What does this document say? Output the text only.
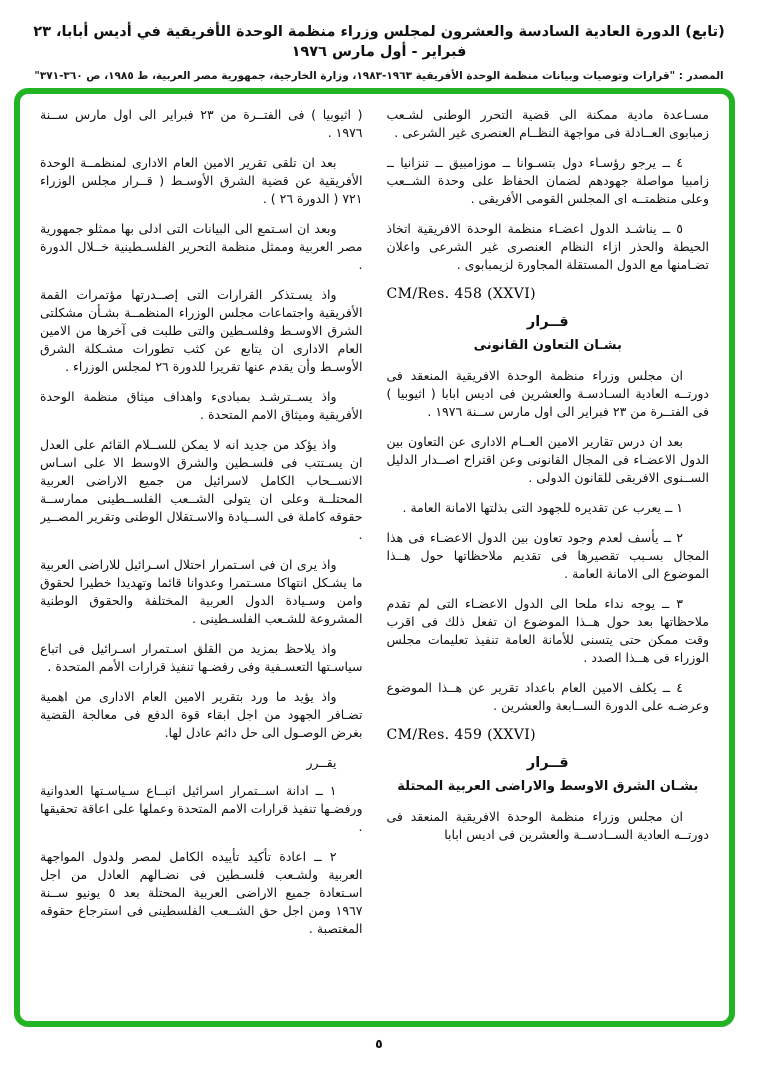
(تابع) الدورة العادية السادسة والعشرون لمجلس وزراء منظمة الوحدة الأفريقية في أديس أبابا، ٢٣ فبراير - أول مارس ١٩٧٦
المصدر : "قرارات وتوصيات وبيانات منظمة الوحدة الأفريقية ١٩٦٣-١٩٨٣، وزارة الخارجية، جمهورية مصر العربية، ط ١٩٨٥، ص ٣٦٠-٣٧١"

مسـاعدة مادية ممكنة الى قضية التحرر الوطنى لشـعب زمبابوى العــادلة فى مواجهة النظــام العنصرى غير الشرعى .

٤ ــ يرجو رؤسـاء دول بتسـوانا ــ موزامبيق ــ تنزانيا ــ زامبيا مواصلة جهودهم لضمان الحفاظ على وحدة الشــعب وعلى منظمتــه اى المجلس القومى الأفريقى .

٥ ــ يناشـد الدول اعضـاء منظمة الوحدة الافريقية اتخاذ الحيطة والحذر ازاء النظام العنصرى غير الشرعى واعلان تضـامنها مع الدول المستقلة المجاورة لزيمبابوى .

CM/Res. 458 (XXVI)

قــرار

بشـان التعاون القانونى

ان مجلس وزراء منظمة الوحدة الافريقية المنعقد فى دورتــه العادية السـادسـة والعشرين فى اديس ابابا ( اثيوبيا ) فى الفتــرة من ٢٣ فبراير الى اول مارس ســنة ١٩٧٦ .

بعد ان درس تقارير الامين العــام الادارى عن التعاون بين الدول الاعضـاء فى المجال القانونى وعن اقتراح اصــدار الدليل الســنوى الافريقى للقانون الدولى .

١ ــ يعرب عن تقديره للجهود التى بذلتها الامانة العامة .

٢ ــ يأسف لعدم وجود تعاون بين الدول الاعضـاء فى هذا المجال بسـبب تقصيرها فى تقديم ملاحظاتها حول هــذا الموضوع الى الامانة العامة .

٣ ــ يوجه نداء ملحا الى الدول الاعضـاء التى لم تقدم ملاحظاتها بعد حول هــذا الموضوع ان تفعل ذلك فى اقرب وقت ممكن حتى يتسنى للأمانة العامة تنفيذ تعليمات مجلس الوزراء فى هــذا الصدد .

٤ ــ يكلف الامين العام باعداد تقرير عن هــذا الموضوع وعرضـه على الدورة الســابعة والعشرين .

CM/Res. 459 (XXVI)

قــرار

بشـان الشرق الاوسط والاراضى العربية المحتلة

ان مجلس وزراء منظمة الوحدة الافريقية المنعقد فى دورتــه العادية الســادســة والعشرين فى اديس ابابا

( اثيوبيا ) فى الفتــرة من ٢٣ فبراير الى اول مارس ســنة ١٩٧٦ .

بعد ان تلقى تقرير الامين العام الادارى لمنظمــة الوحدة الأفريقية عن قضية الشرق الأوسـط ( قــرار مجلس الوزراء ٧٢١ ( الدورة ٢٦ ) .

وبعد ان اسـتمع الى البيانات التى ادلى بها ممثلو جمهورية مصر العربية وممثل منظمة التحرير الفلسـطينية خــلال الدورة .

واذ يسـتذكر القرارات التى إصــدرتها مؤتمرات القمة الأفريقية واجتماعات مجلس الوزراء المنظمــة بشـأن مشكلتى الشرق الاوسـط وفلسـطين والتى طلبت فى آخرها من الامين العام الادارى ان يتابع عن كثب تطورات مشـكلة الشرق الأوسـط وأن يقدم عنها تقريرا للدورة ٢٦ لمجلس الوزراء .

واذ يســترشـد بمبادىء واهداف ميثاق منظمة الوحدة الأفريقية وميثاق الامم المتحدة .

واذ يؤكد من جديد انه لا يمكن للســلام القائم على العدل ان يسـتتب فى فلسـطين والشرق الاوسط الا على اسـاس الانســحاب الكامل لاسرائيل من جميع الاراضى العربية المحتلــة وعلى ان يتولى الشــعب الفلســطينى ممارســة حقوقه كاملة فى الســيادة والاسـتقلال الوطنى وتقرير المصــير .

واذ يرى ان فى اسـتمرار احتلال اسـرائيل للاراضى العربية ما يشـكل انتهاكا مسـتمرا وعدوانا قائما وتهديدا خطيرا لحقوق وامن وسـيادة الدول العربية المختلفة والحقوق الوطنية المشروعة للشـعب الفلسـطينى .

واذ يلاحظ بمزيد من القلق اسـتمرار اسـرائيل فى اتباع سياسـتها التعسـفية وفى رفضـها تنفيذ قرارات الأمم المتحدة .

واذ يؤيد ما ورد بتقرير الامين العام الادارى من اهمية تضـافر الجهود من اجل ابقاء قوة الدفع فى معالجة القضية بغرض الوصـول الى حل دائم عادل لها.

يقــرر

١ ــ ادانة اســتمرار اسرائيل اتبــاع سـياسـتها العدوانية ورفضـها تنفيذ قرارات الامم المتحدة وعملها على اعاقة تحقيقها .

٢ ــ اعادة تأكيد تأييده الكامل لمصر ولدول المواجهة العربية ولشـعب فلسـطين فى نضـالهم العادل من اجل اسـتعادة جميع الاراضى العربية المحتلة بعد ٥ يونيو ســنة ١٩٦٧ ومن اجل حق الشــعب الفلسطينى فى استرجاع حقوقه المغتصبة .

٥
